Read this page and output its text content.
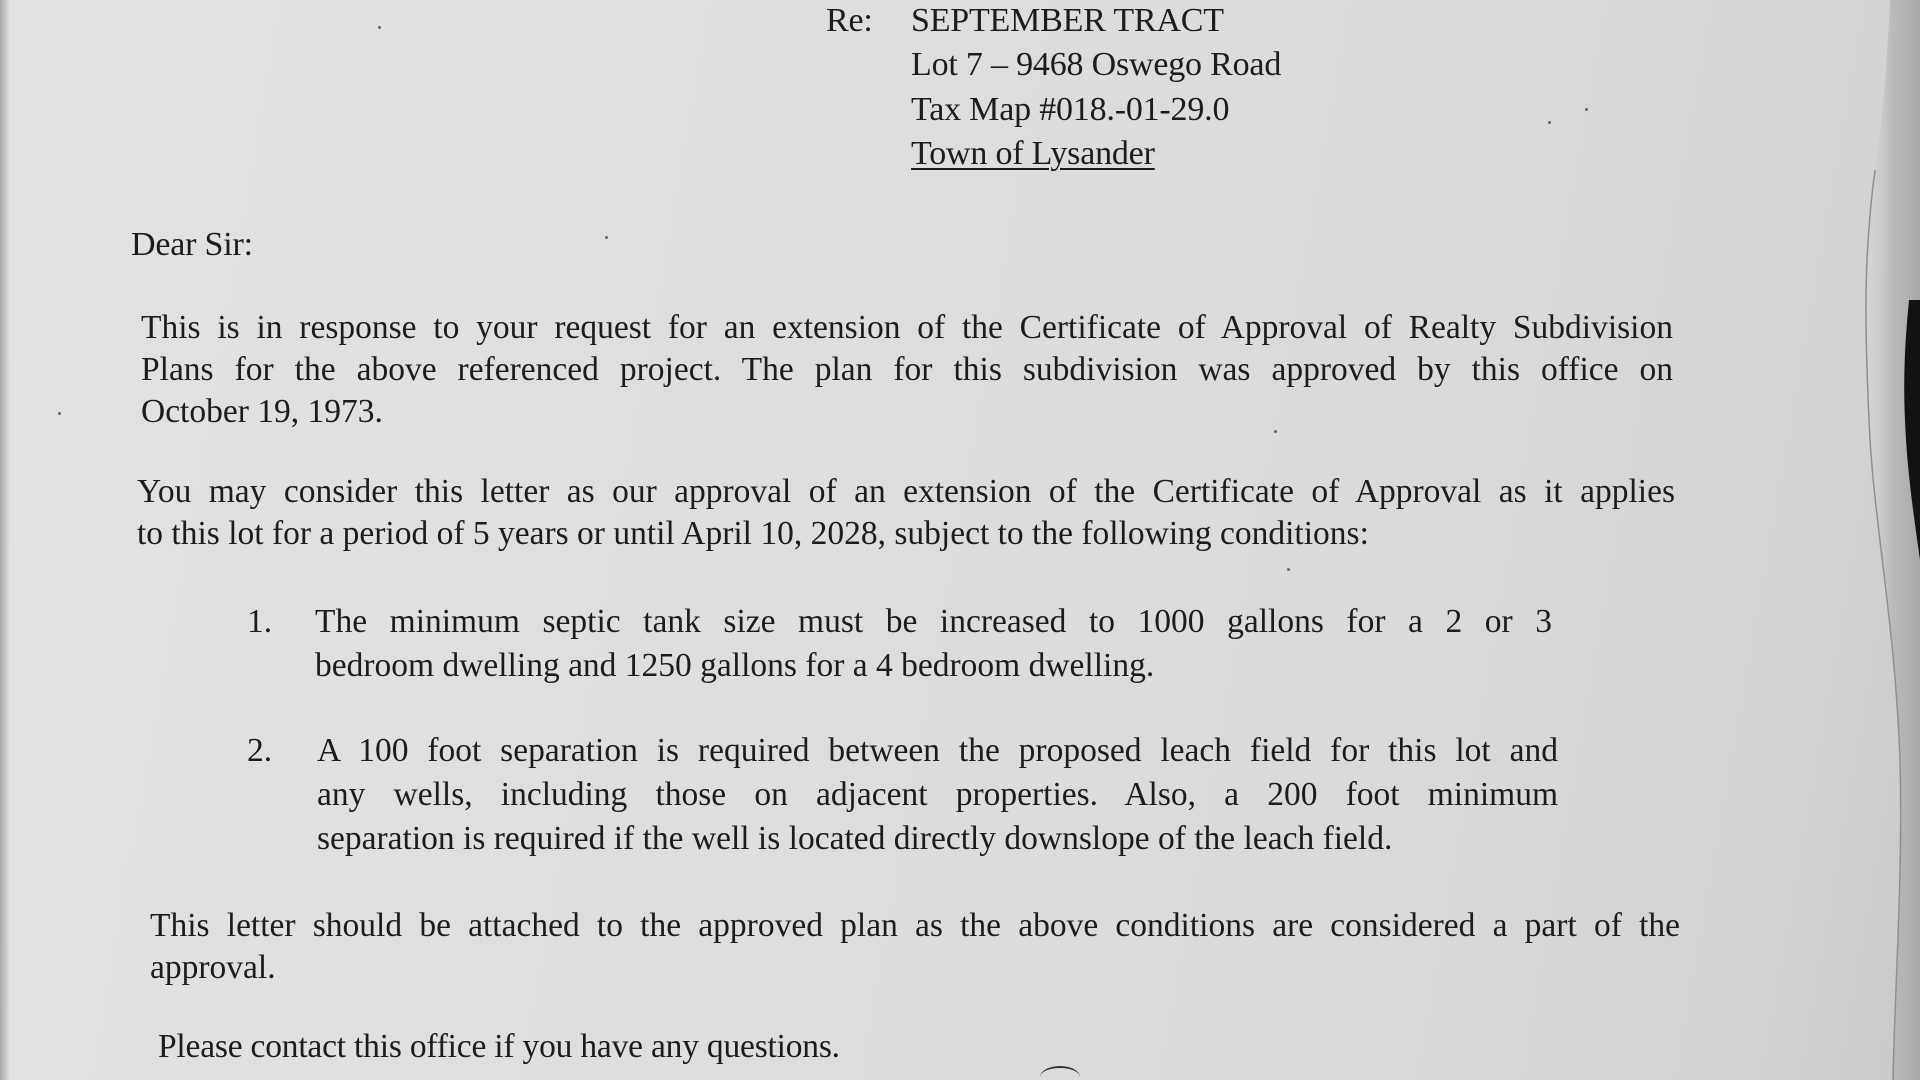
Re: SEPTEMBER TRACT
Lot 7 – 9468 Oswego Road
Tax Map #018.-01-29.0
Town of Lysander
Dear Sir:
This is in response to your request for an extension of the Certificate of Approval of Realty Subdivision
Plans for the above referenced project. The plan for this subdivision was approved by this office on
October 19, 1973.
You may consider this letter as our approval of an extension of the Certificate of Approval as it applies
to this lot for a period of 5 years or until April 10, 2028, subject to the following conditions:
1. The minimum septic tank size must be increased to 1000 gallons for a 2 or 3
bedroom dwelling and 1250 gallons for a 4 bedroom dwelling.
2. A 100 foot separation is required between the proposed leach field for this lot and
any wells, including those on adjacent properties. Also, a 200 foot minimum
separation is required if the well is located directly downslope of the leach field.
This letter should be attached to the approved plan as the above conditions are considered a part of the
approval.
Please contact this office if you have any questions.
